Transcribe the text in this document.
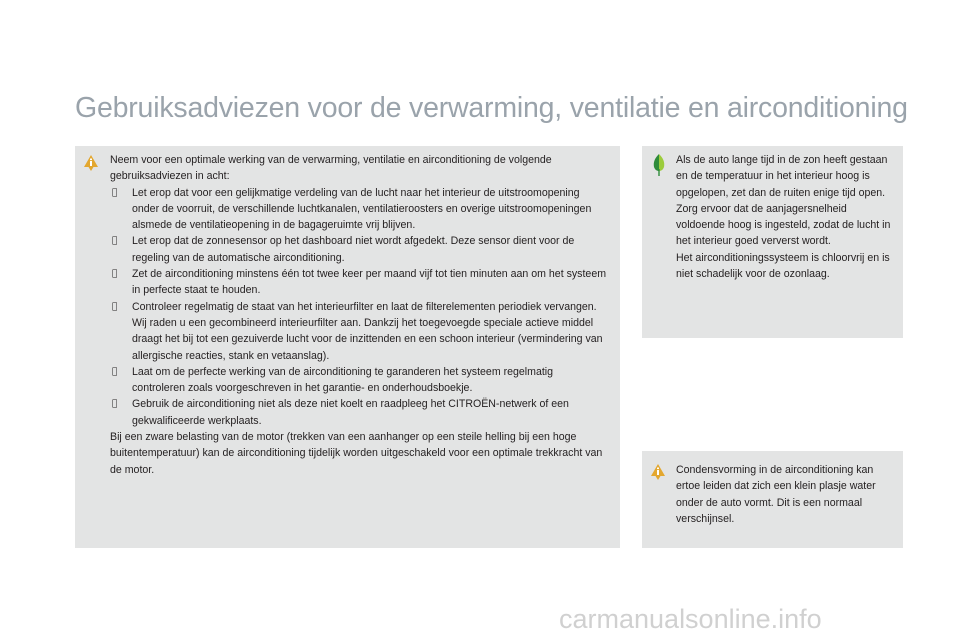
Gebruiksadviezen voor de verwarming, ventilatie en airconditioning

Neem voor een optimale werking van de verwarming, ventilatie en airconditioning de volgende gebruiksadviezen in acht:

Let erop dat voor een gelijkmatige verdeling van de lucht naar het interieur de uitstroomopening onder de voorruit, de verschillende luchtkanalen, ventilatieroosters en overige uitstroomopeningen alsmede de ventilatieopening in de bagageruimte vrij blijven.
Let erop dat de zonnesensor op het dashboard niet wordt afgedekt. Deze sensor dient voor de regeling van de automatische airconditioning.
Zet de airconditioning minstens één tot twee keer per maand vijf tot tien minuten aan om het systeem in perfecte staat te houden.
Controleer regelmatig de staat van het interieurfilter en laat de filterelementen periodiek vervangen.
Wij raden u een gecombineerd interieurfilter aan. Dankzij het toegevoegde speciale actieve middel draagt het bij tot een gezuiverde lucht voor de inzittenden en een schoon interieur (vermindering van allergische reacties, stank en vetaanslag).
Laat om de perfecte werking van de airconditioning te garanderen het systeem regelmatig controleren zoals voorgeschreven in het garantie- en onderhoudsboekje.
Gebruik de airconditioning niet als deze niet koelt en raadpleeg het CITROËN-netwerk of een gekwalificeerde werkplaats.

Bij een zware belasting van de motor (trekken van een aanhanger op een steile helling bij een hoge buitentemperatuur) kan de airconditioning tijdelijk worden uitgeschakeld voor een optimale trekkracht van de motor.

Als de auto lange tijd in de zon heeft gestaan en de temperatuur in het interieur hoog is opgelopen, zet dan de ruiten enige tijd open.

Zorg ervoor dat de aanjagersnelheid voldoende hoog is ingesteld, zodat de lucht in het interieur goed ververst wordt.

Het airconditioningssysteem is chloorvrij en is niet schadelijk voor de ozonlaag.

Condensvorming in de airconditioning kan ertoe leiden dat zich een klein plasje water onder de auto vormt. Dit is een normaal verschijnsel.
carmanualsonline.info
